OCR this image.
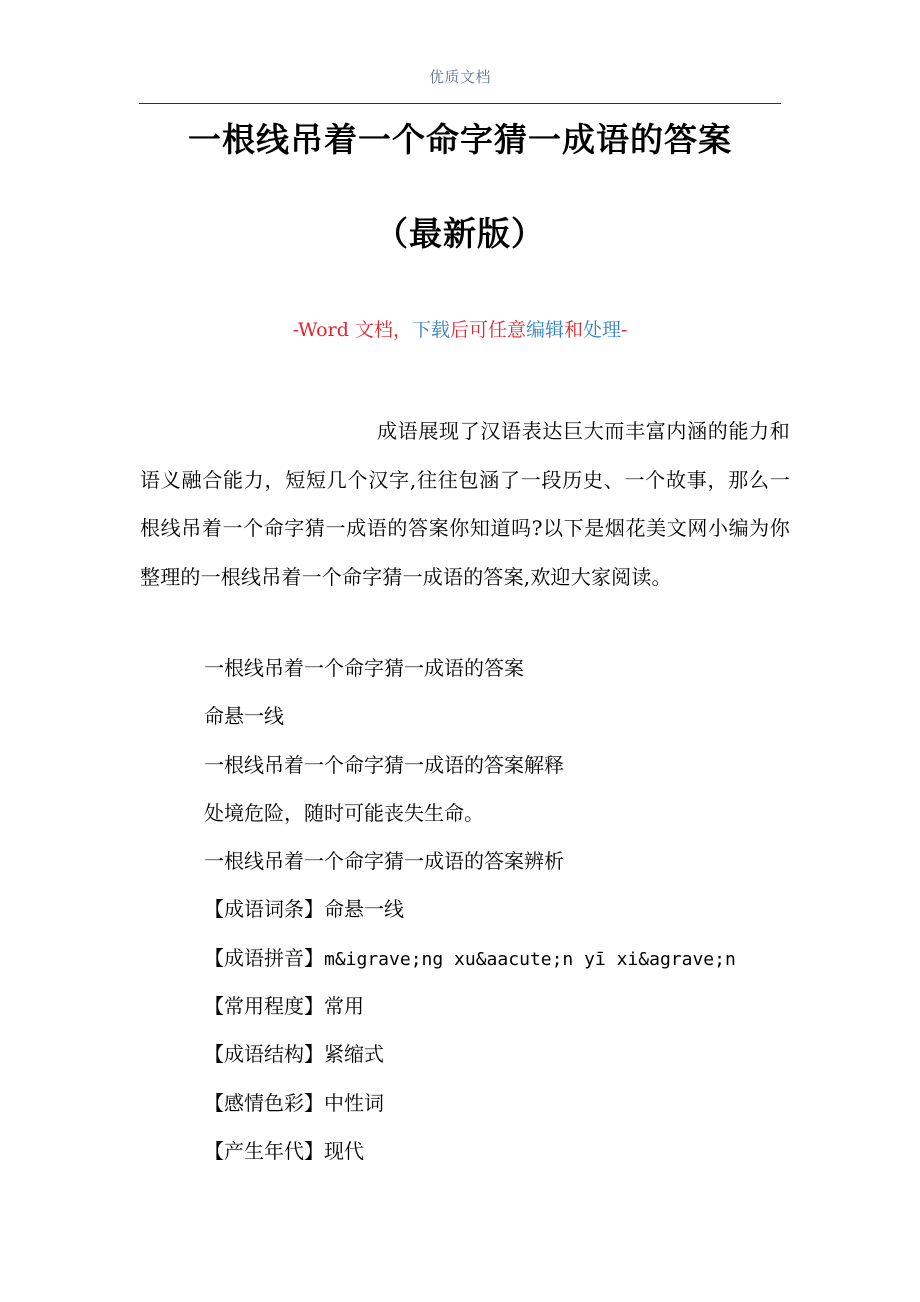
优质文档
一根线吊着一个命字猜一成语的答案
（最新版）
-Word 文档，下载后可任意编辑和处理-
成语展现了汉语表达巨大而丰富内涵的能力和语义融合能力，短短几个汉字,往往包涵了一段历史、一个故事，那么一根线吊着一个命字猜一成语的答案你知道吗?以下是烟花美文网小编为你整理的一根线吊着一个命字猜一成语的答案,欢迎大家阅读。
一根线吊着一个命字猜一成语的答案
命悬一线
一根线吊着一个命字猜一成语的答案解释
处境危险，随时可能丧失生命。
一根线吊着一个命字猜一成语的答案辨析
【成语词条】命悬一线
【成语拼音】m&igrave;ng xu&aacute;n yī xi&agrave;n
【常用程度】常用
【成语结构】紧缩式
【感情色彩】中性词
【产生年代】现代
